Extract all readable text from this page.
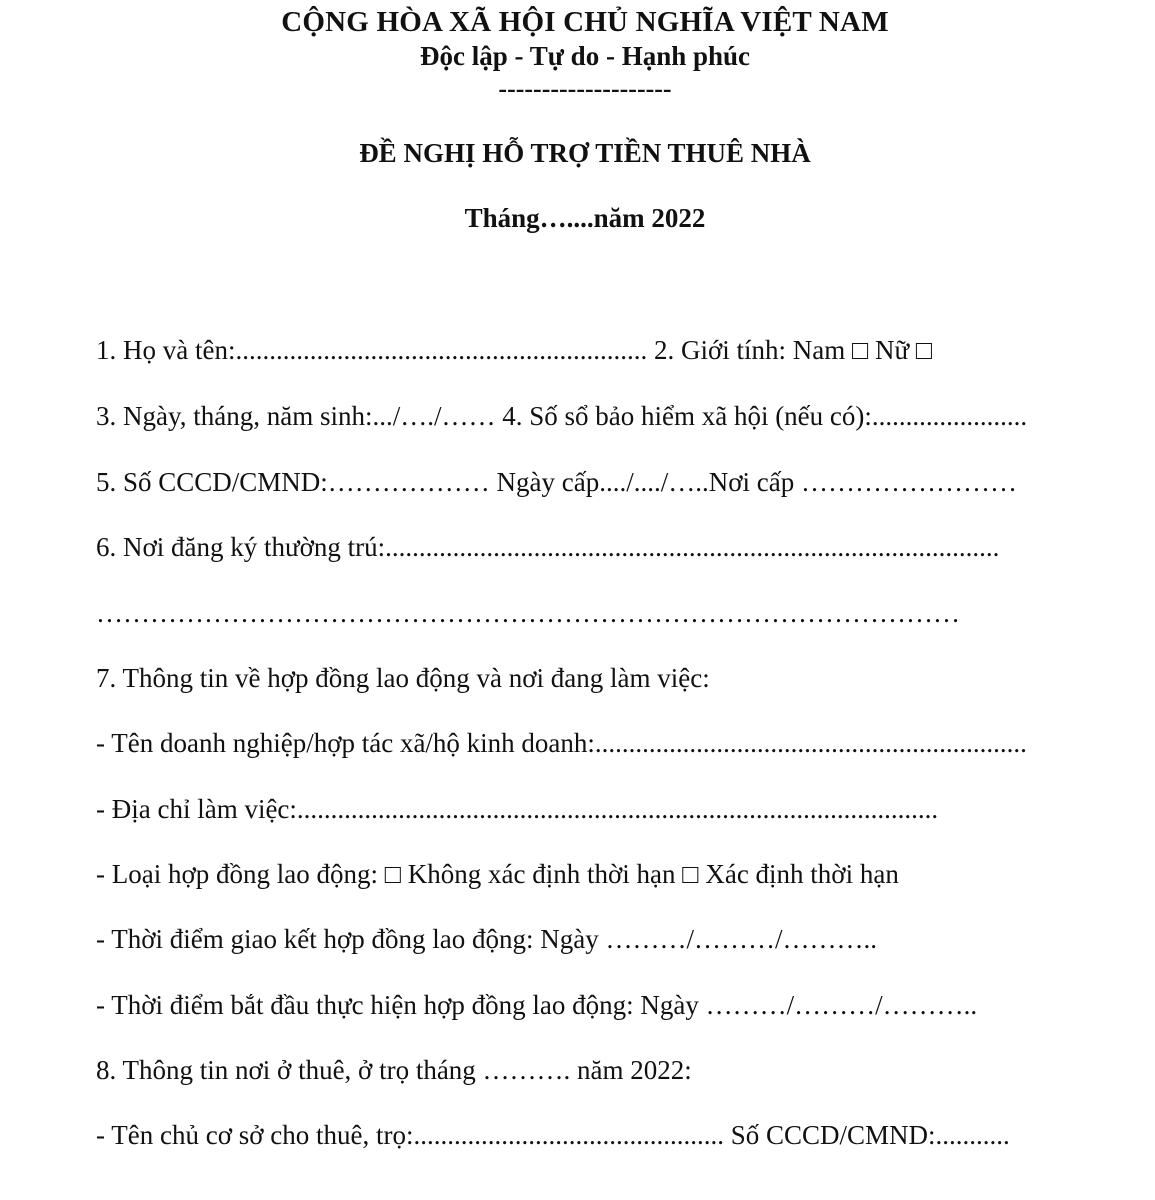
CỘNG HÒA XÃ HỘI CHỦ NGHĨA VIỆT NAM
Độc lập - Tự do - Hạnh phúc
--------------------
ĐỀ NGHỊ HỖ TRỢ TIỀN THUÊ NHÀ
Tháng…....năm 2022
1. Họ và tên:............................................................. 2. Giới tính: Nam □ Nữ □
3. Ngày, tháng, năm sinh:.../…./…… 4. Số sổ bảo hiểm xã hội (nếu có):.......................
5. Số CCCD/CMND:……………… Ngày cấp..../..../…..Nơi cấp ……………………
6. Nơi đăng ký thường trú:...........................................................................................
……………………………………………………………………………………
7. Thông tin về hợp đồng lao động và nơi đang làm việc:
- Tên doanh nghiệp/hợp tác xã/hộ kinh doanh:................................................................
- Địa chỉ làm việc:...............................................................................................
- Loại hợp đồng lao động: □ Không xác định thời hạn □ Xác định thời hạn
- Thời điểm giao kết hợp đồng lao động: Ngày ………/………/………..
- Thời điểm bắt đầu thực hiện hợp đồng lao động: Ngày ………/………/………..
8. Thông tin nơi ở thuê, ở trọ tháng ………. năm 2022:
- Tên chủ cơ sở cho thuê, trọ:.............................................. Số CCCD/CMND:...........
